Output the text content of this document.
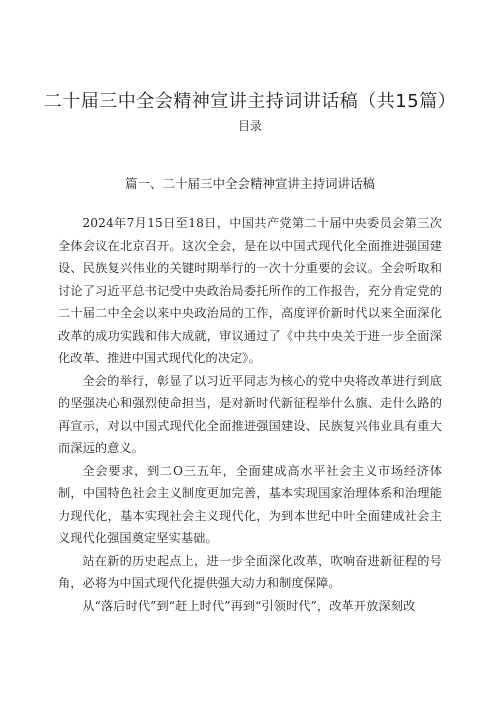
二十届三中全会精神宣讲主持词讲话稿（共15篇）
目录
篇一、二十届三中全会精神宣讲主持词讲话稿

2024年7月15日至18日，中国共产党第二十届中央委员会第三次全体会议在北京召开。这次全会，是在以中国式现代化全面推进强国建设、民族复兴伟业的关键时期举行的一次十分重要的会议。全会听取和讨论了习近平总书记受中央政治局委托所作的工作报告，充分肯定党的二十届二中全会以来中央政治局的工作，高度评价新时代以来全面深化改革的成功实践和伟大成就，审议通过了《中共中央关于进一步全面深化改革、推进中国式现代化的决定》。

全会的举行，彰显了以习近平同志为核心的党中央将改革进行到底的坚强决心和强烈使命担当，是对新时代新征程举什么旗、走什么路的再宣示，对以中国式现代化全面推进强国建设、民族复兴伟业具有重大而深远的意义。

全会要求，到二O三五年，全面建成高水平社会主义市场经济体制，中国特色社会主义制度更加完善，基本实现国家治理体系和治理能力现代化，基本实现社会主义现代化，为到本世纪中叶全面建成社会主义现代化强国奠定坚实基础。

站在新的历史起点上，进一步全面深化改革，吹响奋进新征程的号角，必将为中国式现代化提供强大动力和制度保障。

从“落后时代”到“赶上时代”再到“引领时代”，改革开放深刻改
